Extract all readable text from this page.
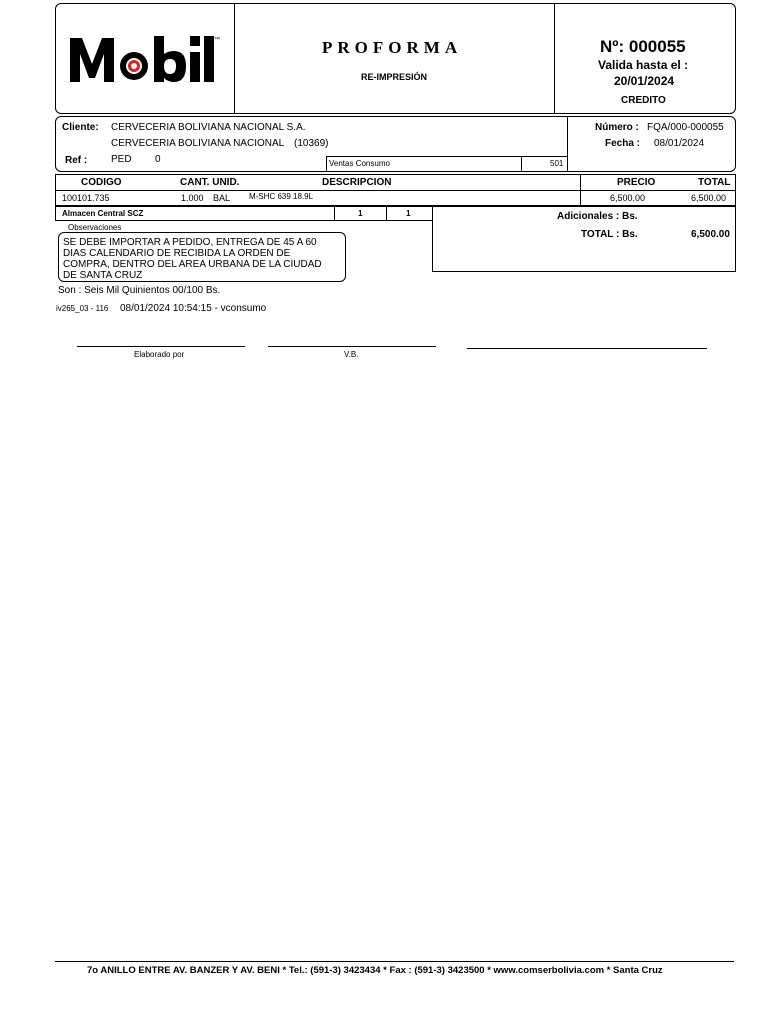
™	PROFORMA
RE-IMPRESIÓN
Nº: 000055
Valida hasta el :
20/01/2024
CREDITO
Cliente: CERVECERIA BOLIVIANA NACIONAL S.A.
CERVECERIA BOLIVIANA NACIONAL (10369)
Ref : PED 0	Ventas Consumo	501
Número : FQA/000-000055
Fecha : 08/01/2024
CODIGO	CANT. UNID.	DESCRIPCION	PRECIO	TOTAL
100101.735	1.000 BAL M-SHC 639 18.9L	6,500.00	6,500.00
Almacen Central SCZ	1	1	Adicionales : Bs.
TOTAL : Bs.	6,500.00
Observaciones
SE DEBE IMPORTAR A PEDIDO, ENTREGA DE 45 A 60
DIAS CALENDARIO DE RECIBIDA LA ORDEN DE
COMPRA, DENTRO DEL AREA URBANA DE LA CIUDAD
DE SANTA CRUZ
Son : Seis Mil Quinientos 00/100 Bs.
iv265_03 - 116 08/01/2024 10:54:15 - vconsumo
Elaborado por	V.B.
7o ANILLO ENTRE AV. BANZER Y AV. BENI * Tel.: (591-3) 3423434 * Fax : (591-3) 3423500 * www.comserbolivia.com * Santa Cruz
